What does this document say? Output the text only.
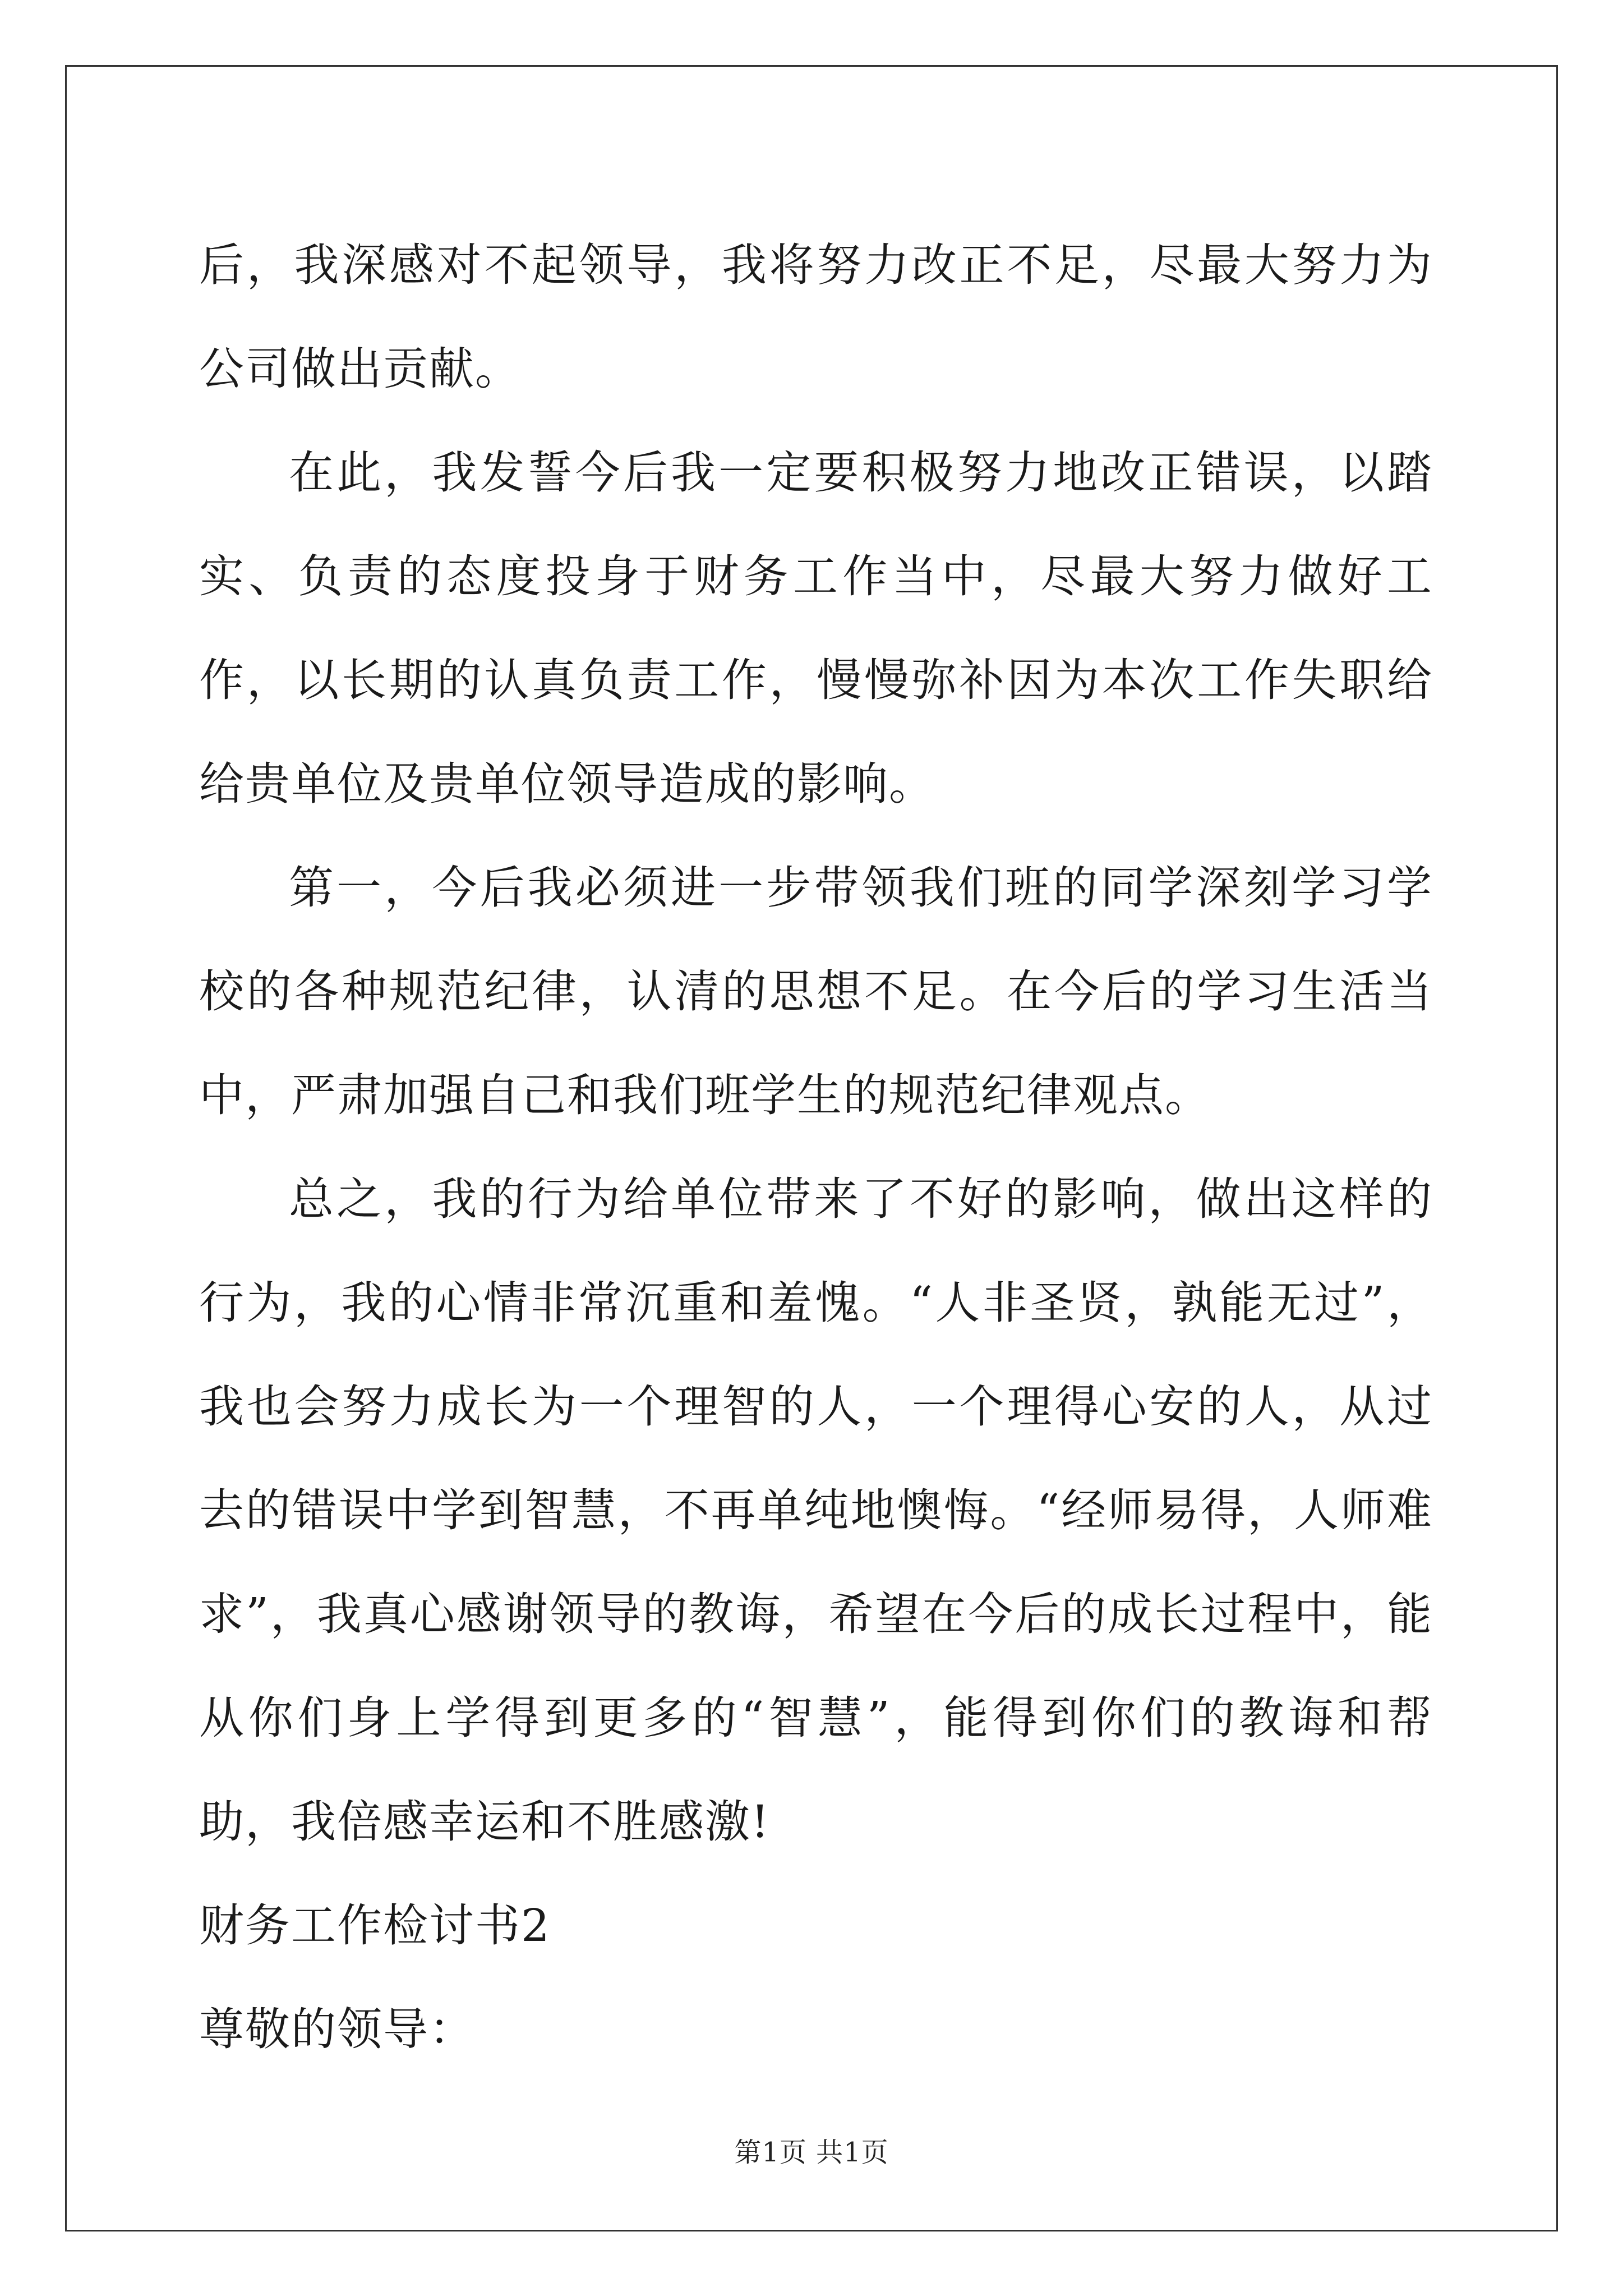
后，我深感对不起领导，我将努力改正不足，尽最大努力为公司做出贡献。

在此，我发誓今后我一定要积极努力地改正错误，以踏实、负责的态度投身于财务工作当中，尽最大努力做好工作，以长期的认真负责工作，慢慢弥补因为本次工作失职给给贵单位及贵单位领导造成的影响。

第一，今后我必须进一步带领我们班的同学深刻学习学校的各种规范纪律，认清的思想不足。在今后的学习生活当中，严肃加强自己和我们班学生的规范纪律观点。

总之，我的行为给单位带来了不好的影响，做出这样的行为，我的心情非常沉重和羞愧。“人非圣贤，孰能无过”，我也会努力成长为一个理智的人，一个理得心安的人，从过去的错误中学到智慧，不再单纯地懊悔。“经师易得，人师难求”，我真心感谢领导的教诲，希望在今后的成长过程中，能从你们身上学得到更多的“智慧”，能得到你们的教诲和帮助，我倍感幸运和不胜感激!

财务工作检讨书2

尊敬的领导：

第1页 共1页
